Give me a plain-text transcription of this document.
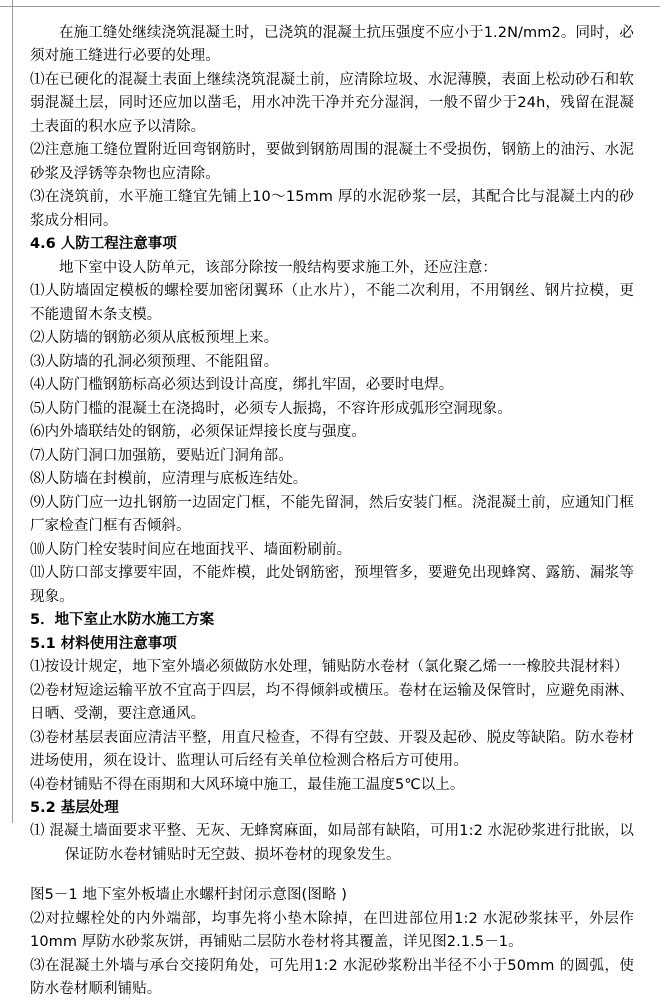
在施工缝处继续浇筑混凝土时，已浇筑的混凝土抗压强度不应小于1.2N/mm2。同时，必须对施工缝进行必要的处理。

⑴在已硬化的混凝土表面上继续浇筑混凝土前，应清除垃圾、水泥薄膜，表面上松动砂石和软弱混凝土层，同时还应加以凿毛，用水冲洗干净并充分湿润，一般不留少于24h，残留在混凝土表面的积水应予以清除。

⑵注意施工缝位置附近回弯钢筋时，要做到钢筋周围的混凝土不受损伤，钢筋上的油污、水泥砂浆及浮锈等杂物也应清除。

⑶在浇筑前，水平施工缝宜先铺上10～15mm 厚的水泥砂浆一层，其配合比与混凝土内的砂浆成分相同。

4.6 人防工程注意事项

地下室中设人防单元，该部分除按一般结构要求施工外，还应注意：

⑴人防墙固定模板的螺栓要加密闭翼环（止水片），不能二次利用，不用钢丝、钢片拉模，更不能遗留木条支模。

⑵人防墙的钢筋必须从底板预埋上来。

⑶人防墙的孔洞必须预理、不能阻留。

⑷人防门槛钢筋标高必须达到设计高度，绑扎牢固，必要时电焊。

⑸人防门槛的混凝土在浇捣时，必须专人振捣，不容许形成弧形空洞现象。

⑹内外墙联结处的钢筋，必须保证焊接长度与强度。

⑺人防门洞口加强筋，要贴近门洞角部。

⑻人防墙在封模前，应清理与底板连结处。

⑼人防门应一边扎钢筋一边固定门框，不能先留洞，然后安装门框。浇混凝土前，应通知门框厂家检查门框有否倾斜。

⑽人防门栓安装时间应在地面找平、墙面粉刷前。

⑾人防口部支撑要牢固，不能炸模，此处钢筋密，预埋管多，要避免出现蜂窝、露筋、漏浆等现象。

5．地下室止水防水施工方案
5.1 材料使用注意事项

⑴按设计规定，地下室外墙必须做防水处理，铺贴防水卷材（氯化聚乙烯一一橡胶共混材料）

⑵卷材短途运输平放不宜高于四层，均不得倾斜或横压。卷材在运输及保管时，应避免雨淋、日晒、受潮，要注意通风。

⑶卷材基层表面应清洁平整，用直尺检查，不得有空鼓、开裂及起砂、脱皮等缺陷。防水卷材进场使用，须在设计、监理认可后经有关单位检测合格后方可使用。

⑷卷材铺贴不得在雨期和大风环境中施工，最佳施工温度5℃以上。

5.2 基层处理

⑴ 混凝土墙面要求平整、无灰、无蜂窝麻面，如局部有缺陷，可用1:2 水泥砂浆进行批嵌，以保证防水卷材铺贴时无空鼓、损坏卷材的现象发生。

图5－1 地下室外板墙止水螺杆封闭示意图(图略 )

⑵对拉螺栓处的内外端部，均事先将小垫木除掉，在凹进部位用1:2 水泥砂浆抹平，外层作10mm 厚防水砂浆灰饼，再铺贴二层防水卷材将其覆盖，详见图2.1.5－1。

⑶在混凝土外墙与承台交接阴角处，可先用1:2 水泥砂浆粉出半径不小于50mm 的圆弧，使防水卷材顺利铺贴。
